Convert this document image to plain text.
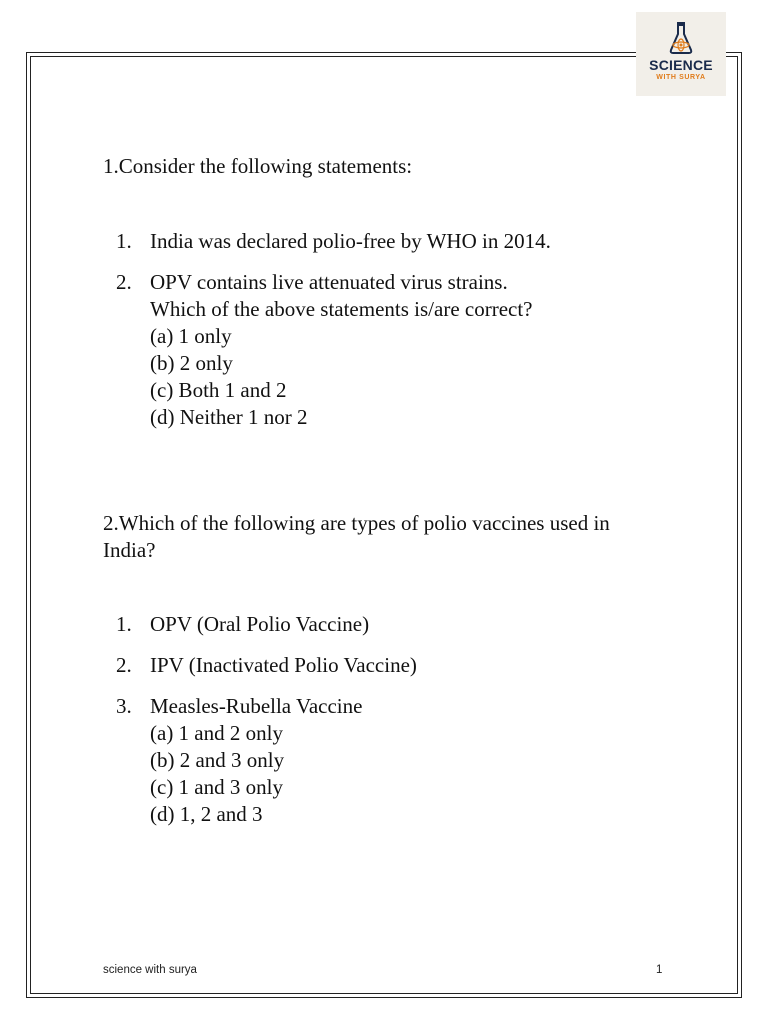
SCIENCE
WITH SURYA

1.Consider the following statements:

1. India was declared polio-free by WHO in 2014.
2. OPV contains live attenuated virus strains.
Which of the above statements is/are correct?
(a) 1 only
(b) 2 only
(c) Both 1 and 2
(d) Neither 1 nor 2

2.Which of the following are types of polio vaccines used in India?

1. OPV (Oral Polio Vaccine)
2. IPV (Inactivated Polio Vaccine)
3. Measles-Rubella Vaccine
(a) 1 and 2 only
(b) 2 and 3 only
(c) 1 and 3 only
(d) 1, 2 and 3
science with surya	1
